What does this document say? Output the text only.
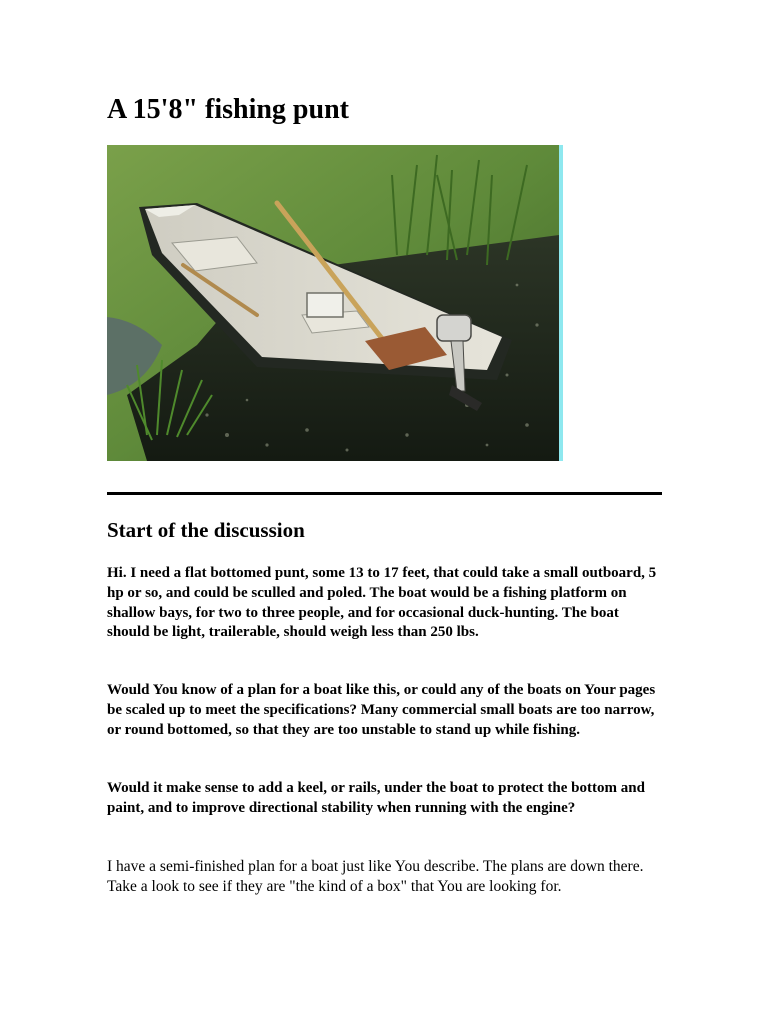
A 15'8" fishing punt
Start of the discussion

Hi. I need a flat bottomed punt, some 13 to 17 feet, that could take a small outboard, 5 hp or so, and could be sculled and poled. The boat would be a fishing platform on shallow bays, for two to three people, and for occasional duck-hunting. The boat should be light, trailerable, should weigh less than 250 lbs.

Would You know of a plan for a boat like this, or could any of the boats on Your pages be scaled up to meet the specifications? Many commercial small boats are too narrow, or round bottomed, so that they are too unstable to stand up while fishing.

Would it make sense to add a keel, or rails, under the boat to protect the bottom and paint, and to improve directional stability when running with the engine?

I have a semi-finished plan for a boat just like You describe. The plans are down there. Take a look to see if they are "the kind of a box" that You are looking for.
